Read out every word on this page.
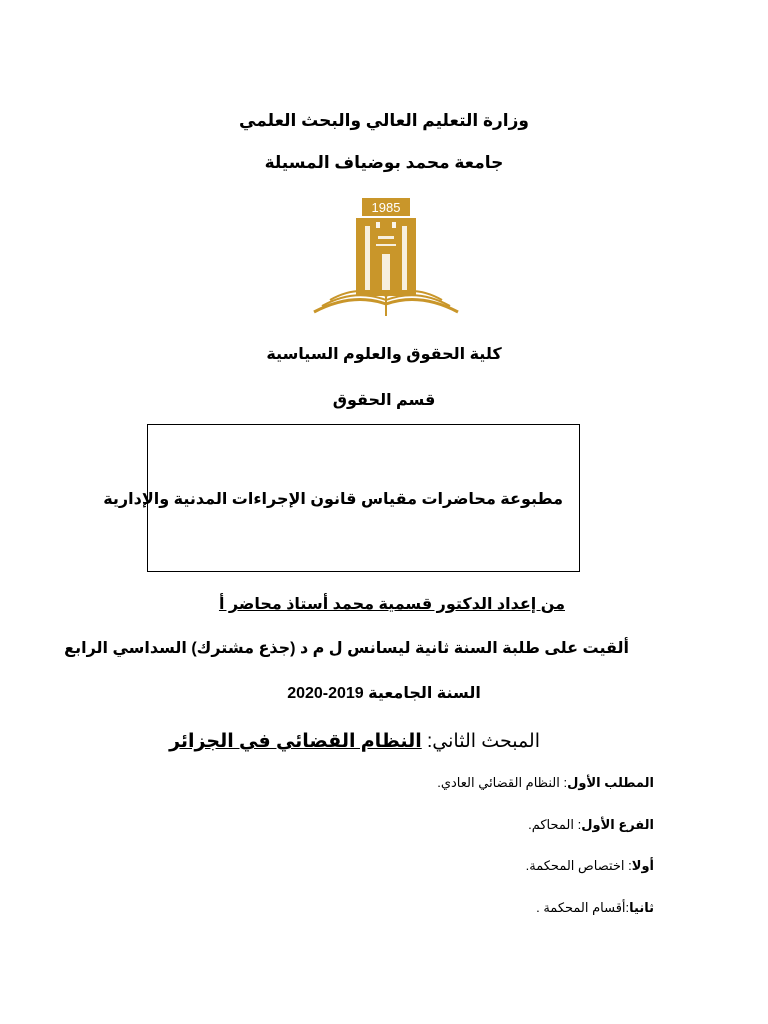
وزارة التعليم العالي والبحث العلمي
جامعة محمد بوضياف المسيلة
1985
كلية الحقوق والعلوم السياسية
قسم الحقوق
مطبوعة محاضرات مقياس قانون الإجراءات المدنية والإدارية
من إعداد الدكتور قسمية محمد أستاذ محاضر أ
ألقيت على طلبة السنة ثانية ليسانس ل م د (جذع مشترك) السداسي الرابع
السنة الجامعية 2020-2019
المبحث الثاني: النظام القضائي في الجزائر
المطلب الأول: النظام القضائي العادي.
الفرع الأول: المحاكم.
أولا: اختصاص المحكمة.
ثانيا:أقسام المحكمة .
